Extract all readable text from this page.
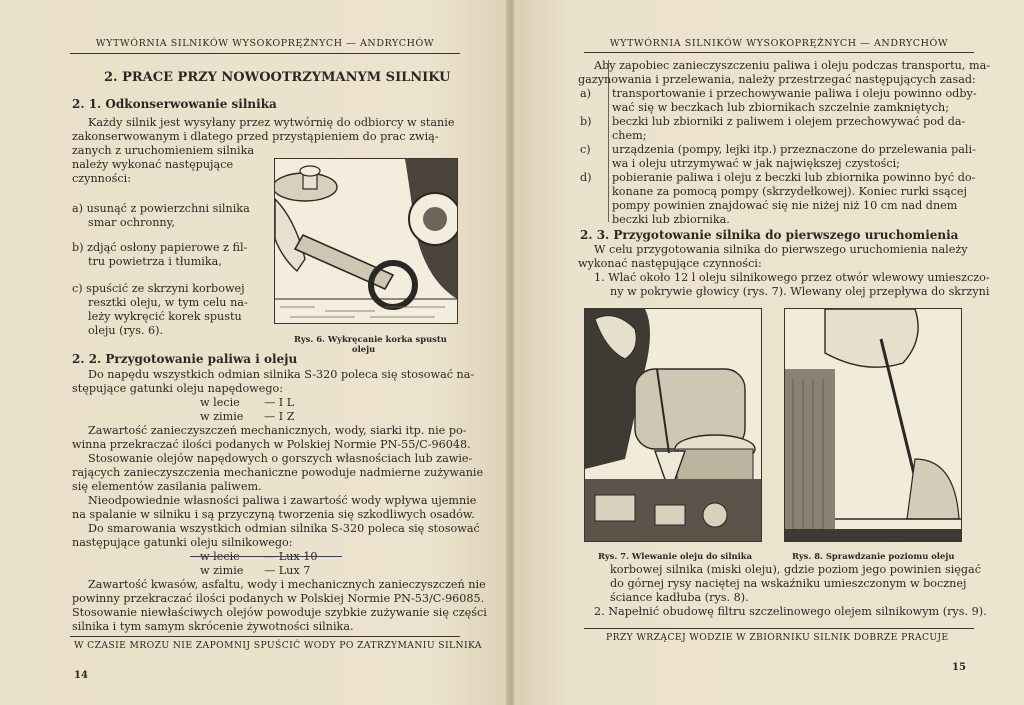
WYTWÓRNIA SILNIKÓW WYSOKOPRĘŻNYCH — ANDRYCHÓW
2. PRACE PRZY NOWOOTRZYMANYM SILNIKU
2. 1. Odkonserwowanie silnika
Każdy silnik jest wysyłany przez wytwórnię do odbiorcy w stanie
zakonserwowanym i dlatego przed przystąpieniem do prac zwią-
zanych z uruchomieniem silnika
należy wykonać następujące
czynności:
a) usunąć z powierzchni silnika
smar ochronny,
b) zdjąć osłony papierowe z fil-
tru powietrza i tłumika,
c) spuścić ze skrzyni korbowej
resztki oleju, w tym celu na-
leży wykręcić korek spustu
oleju (rys. 6).
Rys. 6. Wykręcanie korka spustu
oleju
2. 2. Przygotowanie paliwa i oleju
Do napędu wszystkich odmian silnika S-320 poleca się stosować na-
stępujące gatunki oleju napędowego:
w lecie — I L
w zimie — I Z
Zawartość zanieczyszczeń mechanicznych, wody, siarki itp. nie po-
winna przekraczać ilości podanych w Polskiej Normie PN-55/C-96048.
Stosowanie olejów napędowych o gorszych własnościach lub zawie-
rających zanieczyszczenia mechaniczne powoduje nadmierne zużywanie
się elementów zasilania paliwem.
Nieodpowiednie własności paliwa i zawartość wody wpływa ujemnie
na spalanie w silniku i są przyczyną tworzenia się szkodliwych osadów.
Do smarowania wszystkich odmian silnika S-320 poleca się stosować
następujące gatunki oleju silnikowego:
w lecie — Lux 10
w zimie — Lux 7
Zawartość kwasów, asfaltu, wody i mechanicznych zanieczyszczeń nie
powinny przekraczać ilości podanych w Polskiej Normie PN-53/C-96085.
Stosowanie niewłaściwych olejów powoduje szybkie zużywanie się części
silnika i tym samym skrócenie żywotności silnika.
W CZASIE MROZU NIE ZAPOMNIJ SPUŚCIĆ WODY PO ZATRZYMANIU SILNIKA
14
WYTWÓRNIA SILNIKÓW WYSOKOPRĘŻNYCH — ANDRYCHÓW
Aby zapobiec zanieczyszczeniu paliwa i oleju podczas transportu, ma-
gazynowania i przelewania, należy przestrzegać następujących zasad:
a) transportowanie i przechowywanie paliwa i oleju powinno odby-
wać się w beczkach lub zbiornikach szczelnie zamkniętych;
b) beczki lub zbiorniki z paliwem i olejem przechowywać pod da-
chem;
c) urządzenia (pompy, lejki itp.) przeznaczone do przelewania pali-
wa i oleju utrzymywać w jak największej czystości;
d) pobieranie paliwa i oleju z beczki lub zbiornika powinno być do-
konane za pomocą pompy (skrzydełkowej). Koniec rurki ssącej
pompy powinien znajdować się nie niżej niż 10 cm nad dnem
beczki lub zbiornika.
2. 3. Przygotowanie silnika do pierwszego uruchomienia
W celu przygotowania silnika do pierwszego uruchomienia należy
wykonać następujące czynności:
1. Wlać około 12 l oleju silnikowego przez otwór wlewowy umieszczo-
ny w pokrywie głowicy (rys. 7). Wlewany olej przepływa do skrzyni
Rys. 7. Wlewanie oleju do silnika	Rys. 8. Sprawdzanie poziomu oleju
korbowej silnika (miski oleju), gdzie poziom jego powinien sięgać
do górnej rysy naciętej na wskaźniku umieszczonym w bocznej
ściance kadłuba (rys. 8).
2. Napełnić obudowę filtru szczelinowego olejem silnikowym (rys. 9).
PRZY WRZĄCEJ WODZIE W ZBIORNIKU SILNIK DOBRZE PRACUJE
15
